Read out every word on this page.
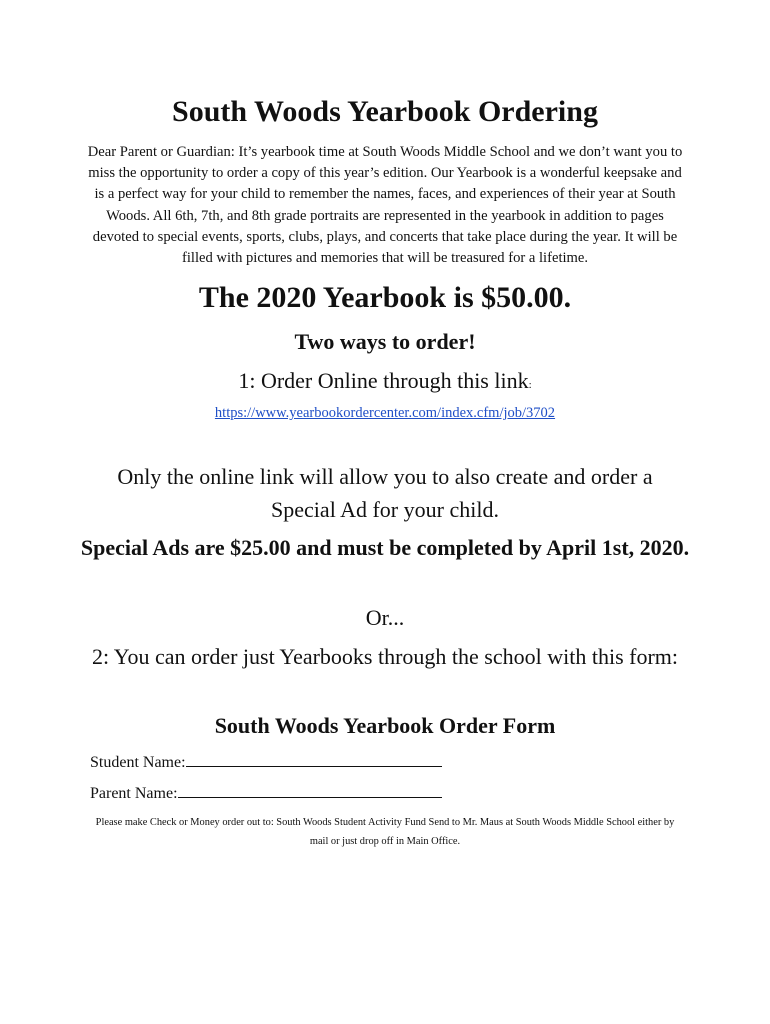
South Woods Yearbook Ordering

Dear Parent or Guardian: It’s yearbook time at South Woods Middle School and we don’t want you to miss the opportunity to order a copy of this year’s edition. Our Yearbook is a wonderful keepsake and is a perfect way for your child to remember the names, faces, and experiences of their year at South Woods. All 6th, 7th, and 8th grade portraits are represented in the yearbook in addition to pages devoted to special events, sports, clubs, plays, and concerts that take place during the year. It will be filled with pictures and memories that will be treasured for a lifetime.

The 2020 Yearbook is $50.00.
Two ways to order!

1: Order Online through this link:

https://www.yearbookordercenter.com/index.cfm/job/3702

Only the online link will allow you to also create and order a Special Ad for your child.

Special Ads are $25.00 and must be completed by April 1st, 2020.

Or...

2: You can order just Yearbooks through the school with this form:

South Woods Yearbook Order Form

Student Name:

Parent Name:

Please make Check or Money order out to: South Woods Student Activity Fund Send to Mr. Maus at South Woods Middle School either by mail or just drop off in Main Office.
